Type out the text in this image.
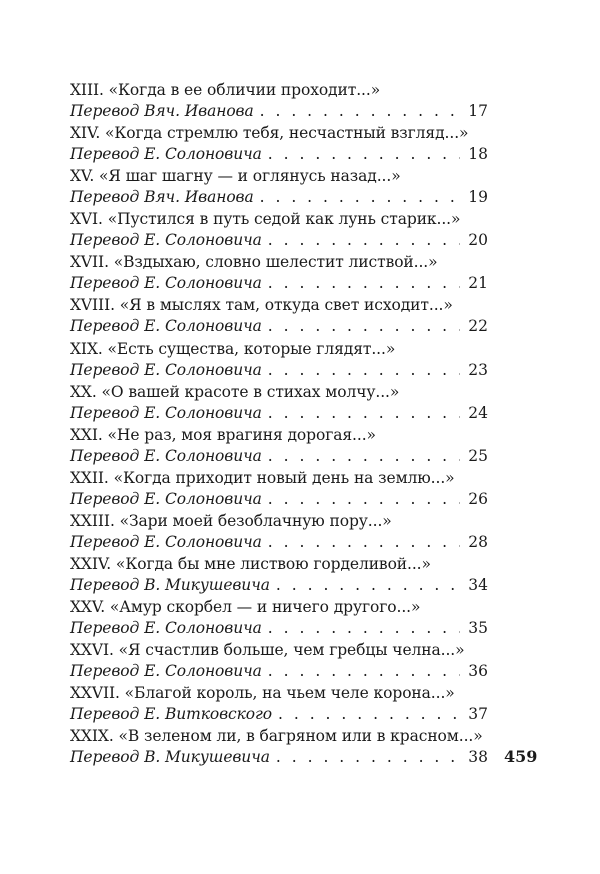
XIII. «Когда в ее обличии проходит...»
Перевод Вяч. Иванова . . .	17
XIV. «Когда стремлю тебя, несчастный взгляд...»
Перевод Е. Солоновича . . .	18
XV. «Я шаг шагну — и оглянусь назад...»
Перевод Вяч. Иванова . . .	19
XVI. «Пустился в путь седой как лунь старик...»
Перевод Е. Солоновича . . .	20
XVII. «Вздыхаю, словно шелестит листвой...»
Перевод Е. Солоновича . . .	21
XVIII. «Я в мыслях там, откуда свет исходит...»
Перевод Е. Солоновича . . .	22
XIX. «Есть существа, которые глядят...»
Перевод Е. Солоновича . . .	23
XX. «О вашей красоте в стихах молчу...»
Перевод Е. Солоновича . . .	24
XXI. «Не раз, моя врагиня дорогая...»
Перевод Е. Солоновича . . .	25
XXII. «Когда приходит новый день на землю...»
Перевод Е. Солоновича . . .	26
XXIII. «Зари моей безоблачную пору...»
Перевод Е. Солоновича . . .	28
XXIV. «Когда бы мне листвою горделивой...»
Перевод В. Микушевича . . .	34
XXV. «Амур скорбел — и ничего другого...»
Перевод Е. Солоновича . . .	35
XXVI. «Я счастлив больше, чем гребцы челна...»
Перевод Е. Солоновича . . .	36
XXVII. «Благой король, на чьем челе корона...»
Перевод Е. Витковского . . .	37
XXIX. «В зеленом ли, в багряном или в красном...»
Перевод В. Микушевича . . .	38 459
